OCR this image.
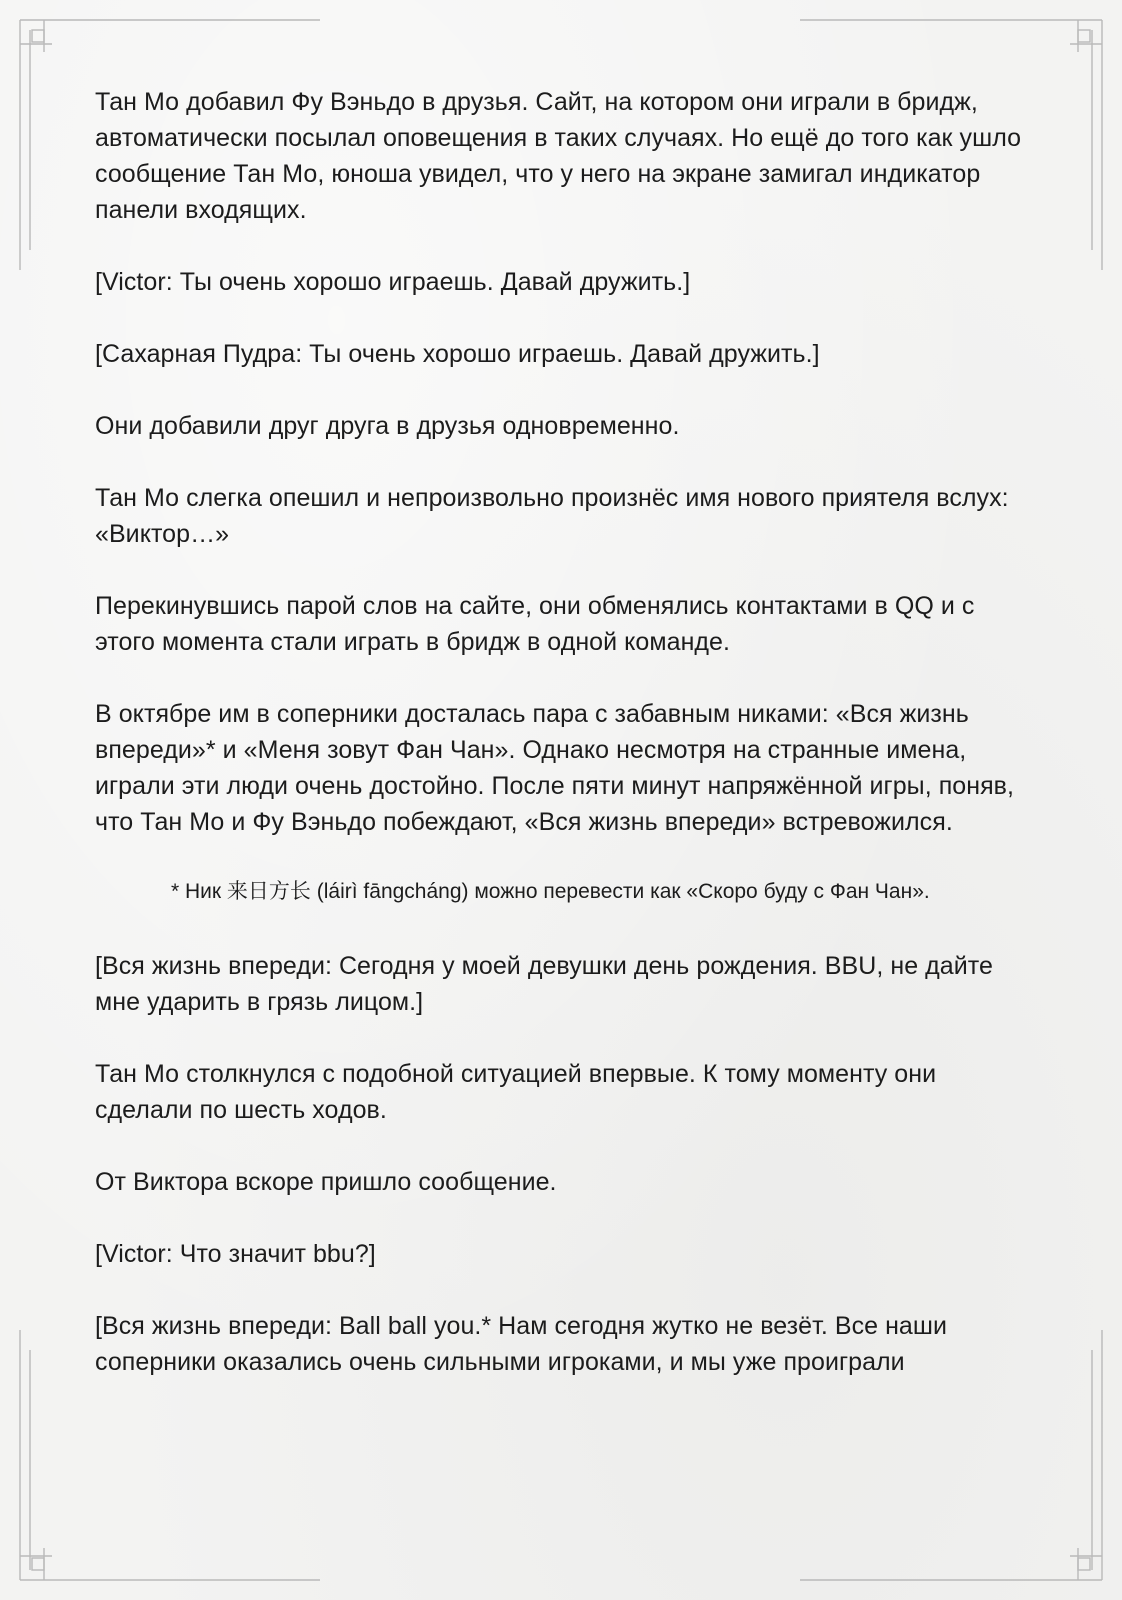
Тан Мо добавил Фу Вэньдо в друзья. Сайт, на котором они играли в бридж, автоматически посылал оповещения в таких случаях. Но ещё до того как ушло сообщение Тан Мо, юноша увидел, что у него на экране замигал индикатор панели входящих.

[Victor: Ты очень хорошо играешь. Давай дружить.]

[Сахарная Пудра: Ты очень хорошо играешь. Давай дружить.]

Они добавили друг друга в друзья одновременно.

Тан Мо слегка опешил и непроизвольно произнёс имя нового приятеля вслух: «Виктор…»

Перекинувшись парой слов на сайте, они обменялись контактами в QQ и с этого момента стали играть в бридж в одной команде.

В октябре им в соперники досталась пара с забавным никами: «Вся жизнь впереди»* и «Меня зовут Фан Чан». Однако несмотря на странные имена, играли эти люди очень достойно. После пяти минут напряжённой игры, поняв, что Тан Мо и Фу Вэньдо побеждают, «Вся жизнь впереди» встревожился.

* Ник 来日方长 (láirì fāngcháng) можно перевести как «Скоро буду с Фан Чан».

[Вся жизнь впереди: Сегодня у моей девушки день рождения. BBU, не дайте мне ударить в грязь лицом.]

Тан Мо столкнулся с подобной ситуацией впервые. К тому моменту они сделали по шесть ходов.

От Виктора вскоре пришло сообщение.

[Victor: Что значит bbu?]

[Вся жизнь впереди: Ball ball you.* Нам сегодня жутко не везёт. Все наши соперники оказались очень сильными игроками, и мы уже проиграли
